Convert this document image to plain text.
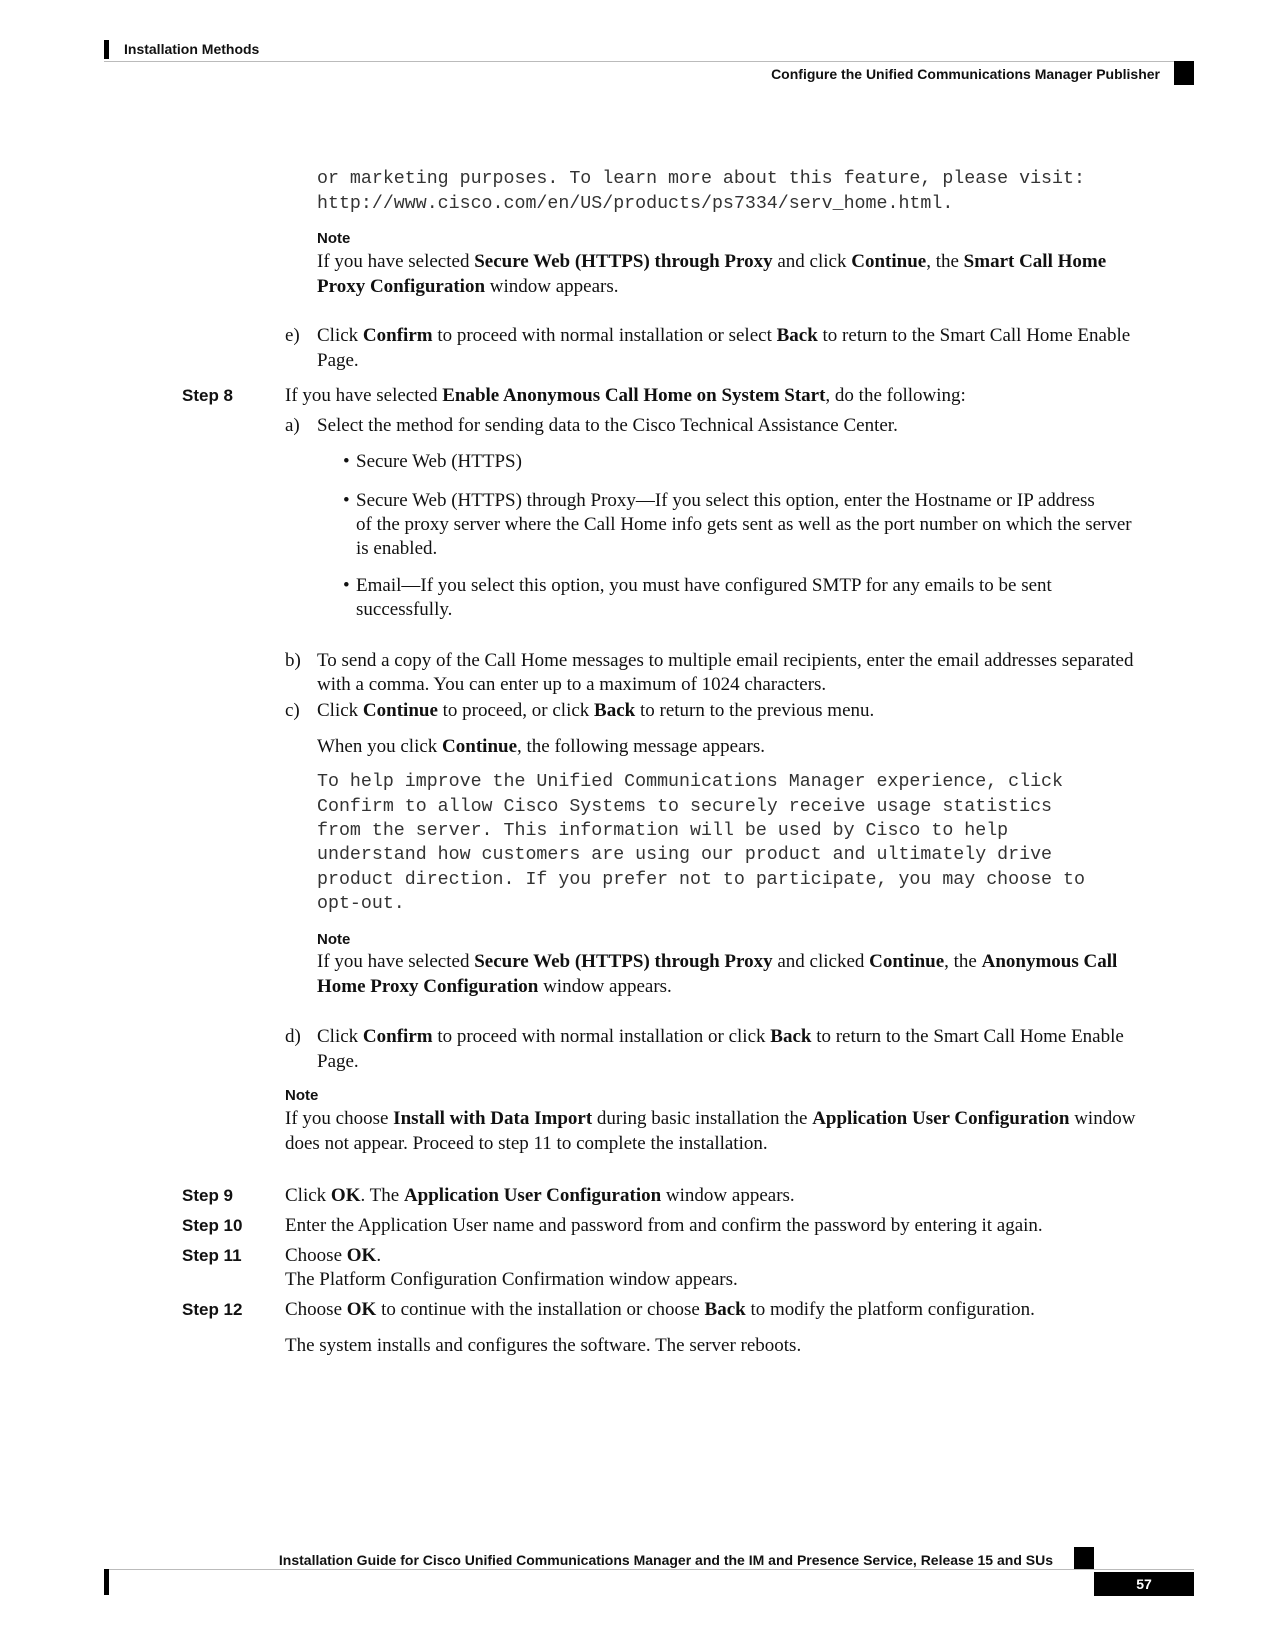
Installation Methods
Configure the Unified Communications Manager Publisher
or marketing purposes. To learn more about this feature, please visit:
http://www.cisco.com/en/US/products/ps7334/serv_home.html.
Note
If you have selected Secure Web (HTTPS) through Proxy and click Continue, the Smart Call Home
Proxy Configuration window appears.
e) Click Confirm to proceed with normal installation or select Back to return to the Smart Call Home Enable
Page.
Step 8	If you have selected Enable Anonymous Call Home on System Start, do the following:
a) Select the method for sending data to the Cisco Technical Assistance Center.
• Secure Web (HTTPS)
• Secure Web (HTTPS) through Proxy—If you select this option, enter the Hostname or IP address
of the proxy server where the Call Home info gets sent as well as the port number on which the server
is enabled.
• Email—If you select this option, you must have configured SMTP for any emails to be sent
successfully.
b) To send a copy of the Call Home messages to multiple email recipients, enter the email addresses separated
with a comma. You can enter up to a maximum of 1024 characters.
c) Click Continue to proceed, or click Back to return to the previous menu.
When you click Continue, the following message appears.
To help improve the Unified Communications Manager experience, click
Confirm to allow Cisco Systems to securely receive usage statistics
from the server. This information will be used by Cisco to help
understand how customers are using our product and ultimately drive
product direction. If you prefer not to participate, you may choose to
opt-out.
Note
If you have selected Secure Web (HTTPS) through Proxy and clicked Continue, the Anonymous Call
Home Proxy Configuration window appears.
d) Click Confirm to proceed with normal installation or click Back to return to the Smart Call Home Enable
Page.
Note
If you choose Install with Data Import during basic installation the Application User Configuration window
does not appear. Proceed to step 11 to complete the installation.
Step 9	Click OK. The Application User Configuration window appears.
Step 10 Enter the Application User name and password from and confirm the password by entering it again.
Step 11 Choose OK.
The Platform Configuration Confirmation window appears.
Step 12 Choose OK to continue with the installation or choose Back to modify the platform configuration.
The system installs and configures the software. The server reboots.
Installation Guide for Cisco Unified Communications Manager and the IM and Presence Service, Release 15 and SUs
57
